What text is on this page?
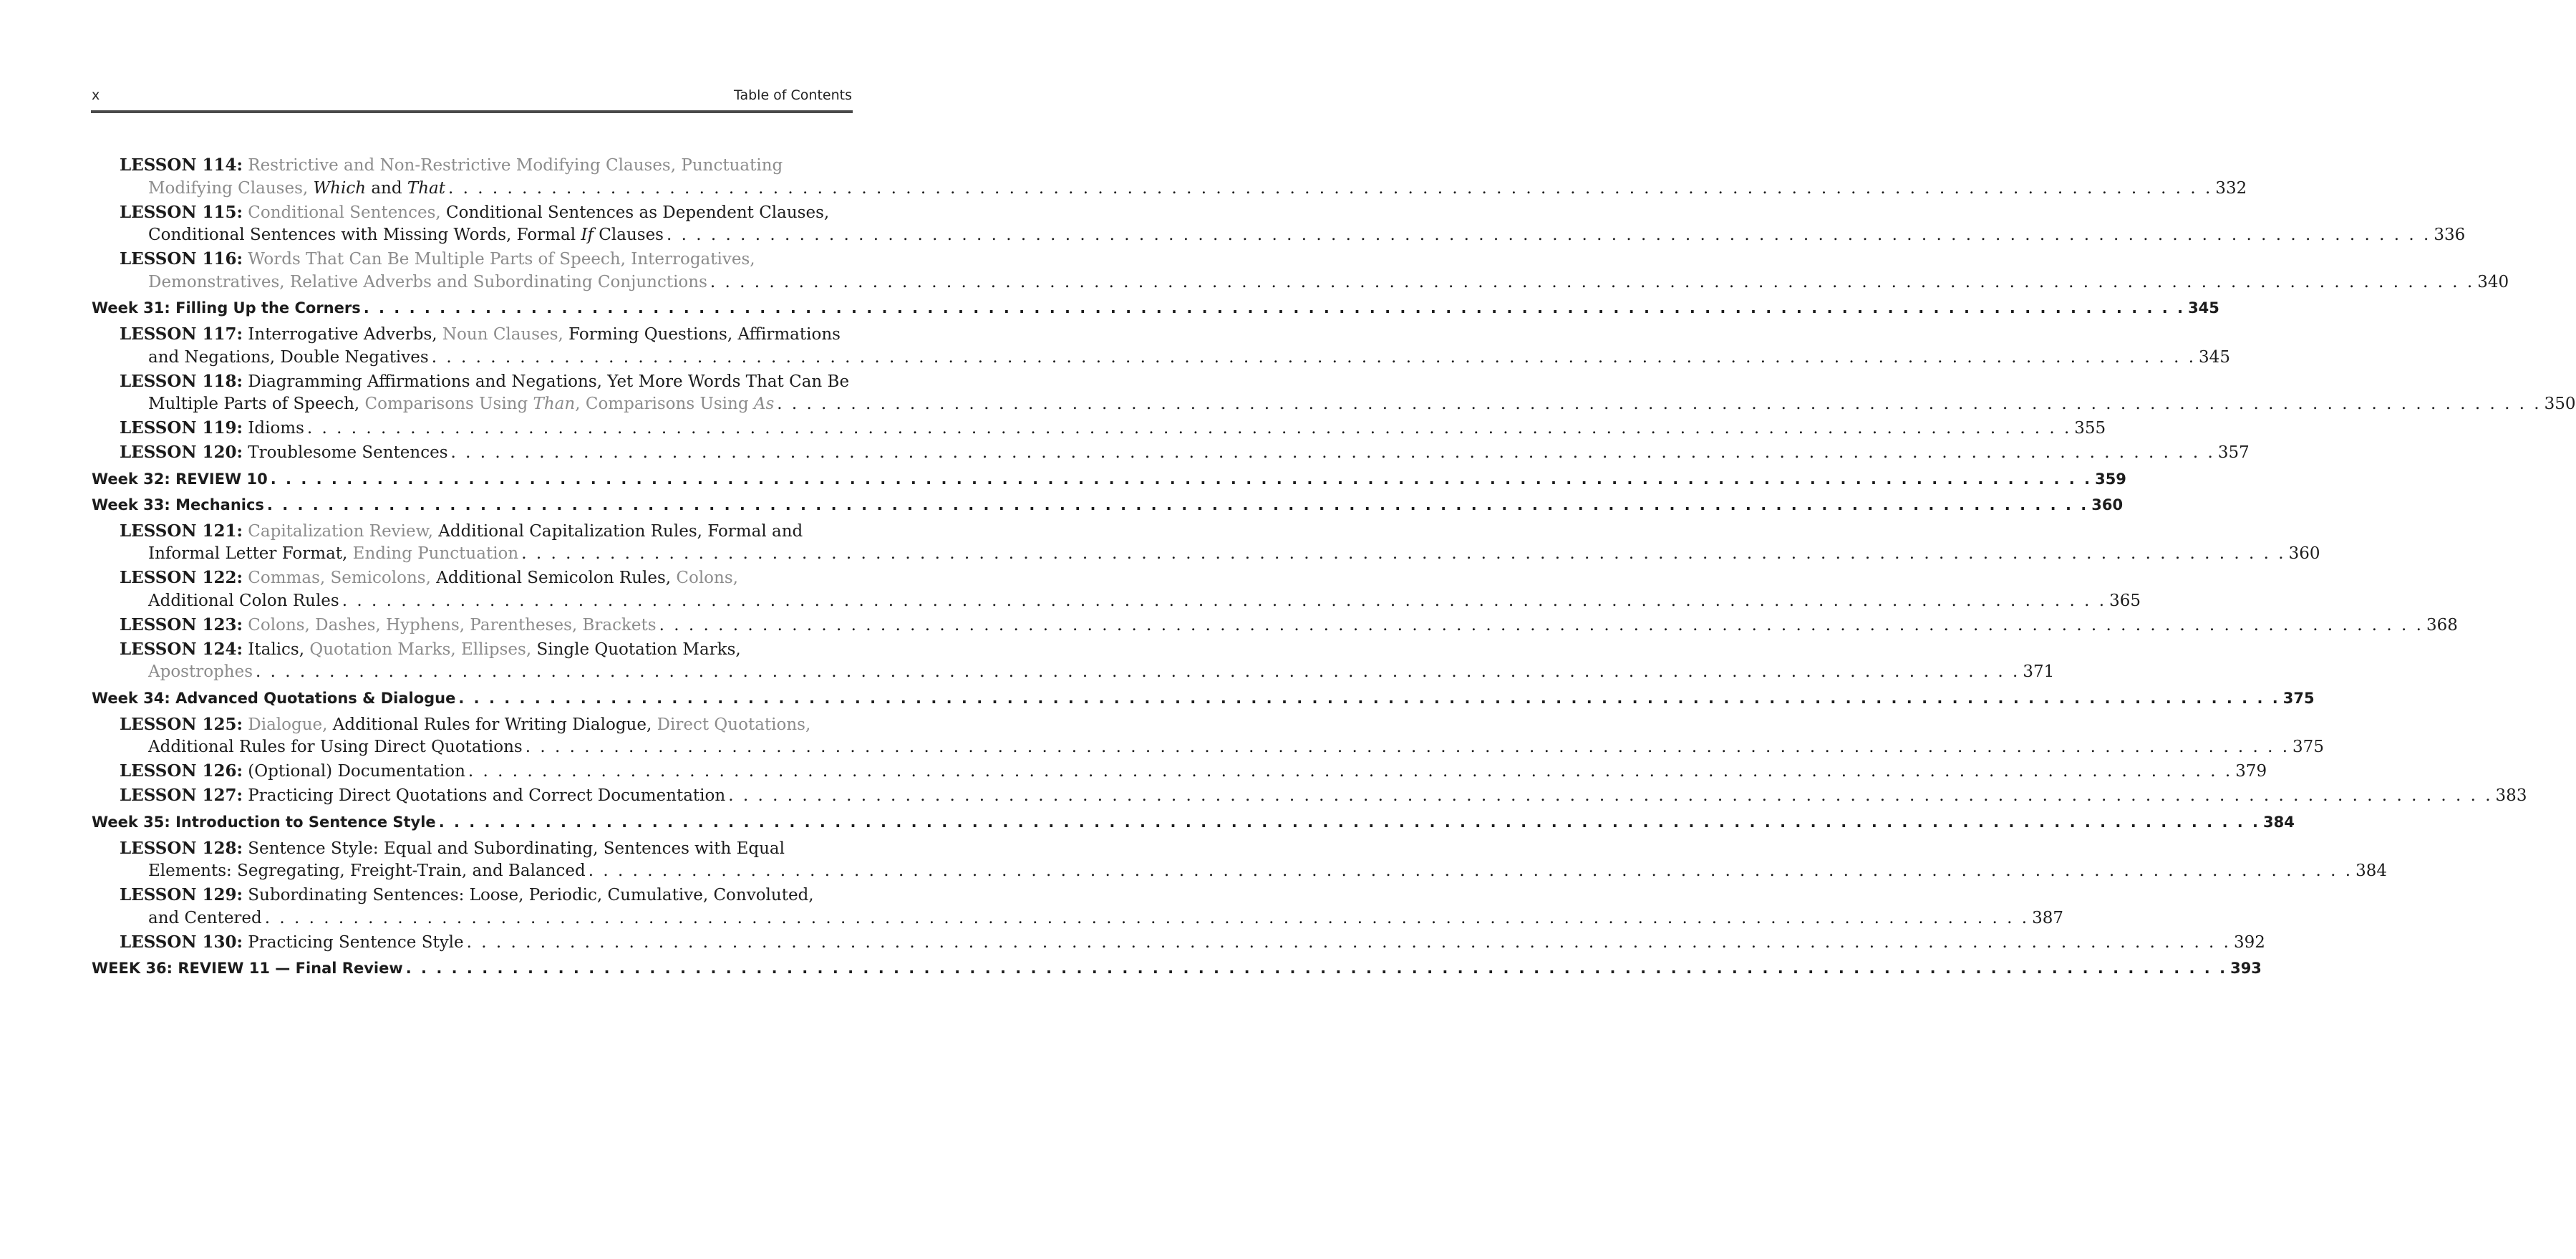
x	Table of Contents
LESSON 114: Restrictive and Non-Restrictive Modifying Clauses, Punctuating
Modifying Clauses, Which and That . . . . . . . . . . . . . . . . . . . . . . . . . . . . . . . . . . . . . . . . . . . . . . . . . . . . . . . . . . . . . . . . . . . . . . . . . . . . . . . . . . . . . . . . . . . . . . . . . . . . . . . . . . . . . . . . . . . . . . . . 332
LESSON 115: Conditional Sentences, Conditional Sentences as Dependent Clauses,
Conditional Sentences with Missing Words, Formal If Clauses . . . . . . . . . . . . . . . . . . . . . . . . . . . . . . . . . . . . . . . . . . . . . . . . . . . . . . . . . . . . . . . . . . . . . . . . . . . . . . . . . . . . . . . . . . . . . . . . . . . . . . . . . . . . . . . . . . . . . . . . 336
LESSON 116: Words That Can Be Multiple Parts of Speech, Interrogatives,
Demonstratives, Relative Adverbs and Subordinating Conjunctions . . . . . . . . . . . . . . . . . . . . . . . . . . . . . . . . . . . . . . . . . . . . . . . . . . . . . . . . . . . . . . . . . . . . . . . . . . . . . . . . . . . . . . . . . . . . . . . . . . . . . . . . . . . . . . . . . . . . . . . . 340
Week 31: Filling Up the Corners . . . . . . . . . . . . . . . . . . . . . . . . . . . . . . . . . . . . . . . . . . . . . . . . . . . . . . . . . . . . . . . . . . . . . . . . . . . . . . . . . . . . . . . . . . . . . . . . . . . . . . . . . . . . . . . . . . . . . . . . 345
LESSON 117: Interrogative Adverbs, Noun Clauses, Forming Questions, Affirmations
and Negations, Double Negatives . . . . . . . . . . . . . . . . . . . . . . . . . . . . . . . . . . . . . . . . . . . . . . . . . . . . . . . . . . . . . . . . . . . . . . . . . . . . . . . . . . . . . . . . . . . . . . . . . . . . . . . . . . . . . . . . . . . . . . . . 345
LESSON 118: Diagramming Affirmations and Negations, Yet More Words That Can Be
Multiple Parts of Speech, Comparisons Using Than, Comparisons Using As . . . . . . . . . . . . . . . . . . . . . . . . . . . . . . . . . . . . . . . . . . . . . . . . . . . . . . . . . . . . . . . . . . . . . . . . . . . . . . . . . . . . . . . . . . . . . . . . . . . . . . . . . . . . . . . . . . . . . . . . 350
LESSON 119: Idioms . . . . . . . . . . . . . . . . . . . . . . . . . . . . . . . . . . . . . . . . . . . . . . . . . . . . . . . . . . . . . . . . . . . . . . . . . . . . . . . . . . . . . . . . . . . . . . . . . . . . . . . . . . . . . . . . . . . . . . . . 355
LESSON 120: Troublesome Sentences . . . . . . . . . . . . . . . . . . . . . . . . . . . . . . . . . . . . . . . . . . . . . . . . . . . . . . . . . . . . . . . . . . . . . . . . . . . . . . . . . . . . . . . . . . . . . . . . . . . . . . . . . . . . . . . . . . . . . . . . 357
Week 32: REVIEW 10 . . . . . . . . . . . . . . . . . . . . . . . . . . . . . . . . . . . . . . . . . . . . . . . . . . . . . . . . . . . . . . . . . . . . . . . . . . . . . . . . . . . . . . . . . . . . . . . . . . . . . . . . . . . . . . . . . . . . . . . . 359
Week 33: Mechanics . . . . . . . . . . . . . . . . . . . . . . . . . . . . . . . . . . . . . . . . . . . . . . . . . . . . . . . . . . . . . . . . . . . . . . . . . . . . . . . . . . . . . . . . . . . . . . . . . . . . . . . . . . . . . . . . . . . . . . . . 360
LESSON 121: Capitalization Review, Additional Capitalization Rules, Formal and
Informal Letter Format, Ending Punctuation . . . . . . . . . . . . . . . . . . . . . . . . . . . . . . . . . . . . . . . . . . . . . . . . . . . . . . . . . . . . . . . . . . . . . . . . . . . . . . . . . . . . . . . . . . . . . . . . . . . . . . . . . . . . . . . . . . . . . . . . 360
LESSON 122: Commas, Semicolons, Additional Semicolon Rules, Colons,
Additional Colon Rules . . . . . . . . . . . . . . . . . . . . . . . . . . . . . . . . . . . . . . . . . . . . . . . . . . . . . . . . . . . . . . . . . . . . . . . . . . . . . . . . . . . . . . . . . . . . . . . . . . . . . . . . . . . . . . . . . . . . . . . . 365
LESSON 123: Colons, Dashes, Hyphens, Parentheses, Brackets . . . . . . . . . . . . . . . . . . . . . . . . . . . . . . . . . . . . . . . . . . . . . . . . . . . . . . . . . . . . . . . . . . . . . . . . . . . . . . . . . . . . . . . . . . . . . . . . . . . . . . . . . . . . . . . . . . . . . . . . 368
LESSON 124: Italics, Quotation Marks, Ellipses, Single Quotation Marks,
Apostrophes . . . . . . . . . . . . . . . . . . . . . . . . . . . . . . . . . . . . . . . . . . . . . . . . . . . . . . . . . . . . . . . . . . . . . . . . . . . . . . . . . . . . . . . . . . . . . . . . . . . . . . . . . . . . . . . . . . . . . . . . 371
Week 34: Advanced Quotations & Dialogue . . . . . . . . . . . . . . . . . . . . . . . . . . . . . . . . . . . . . . . . . . . . . . . . . . . . . . . . . . . . . . . . . . . . . . . . . . . . . . . . . . . . . . . . . . . . . . . . . . . . . . . . . . . . . . . . . . . . . . . . 375
LESSON 125: Dialogue, Additional Rules for Writing Dialogue, Direct Quotations,
Additional Rules for Using Direct Quotations . . . . . . . . . . . . . . . . . . . . . . . . . . . . . . . . . . . . . . . . . . . . . . . . . . . . . . . . . . . . . . . . . . . . . . . . . . . . . . . . . . . . . . . . . . . . . . . . . . . . . . . . . . . . . . . . . . . . . . . . 375
LESSON 126: (Optional) Documentation . . . . . . . . . . . . . . . . . . . . . . . . . . . . . . . . . . . . . . . . . . . . . . . . . . . . . . . . . . . . . . . . . . . . . . . . . . . . . . . . . . . . . . . . . . . . . . . . . . . . . . . . . . . . . . . . . . . . . . . . 379
LESSON 127: Practicing Direct Quotations and Correct Documentation . . . . . . . . . . . . . . . . . . . . . . . . . . . . . . . . . . . . . . . . . . . . . . . . . . . . . . . . . . . . . . . . . . . . . . . . . . . . . . . . . . . . . . . . . . . . . . . . . . . . . . . . . . . . . . . . . . . . . . . . 383
Week 35: Introduction to Sentence Style . . . . . . . . . . . . . . . . . . . . . . . . . . . . . . . . . . . . . . . . . . . . . . . . . . . . . . . . . . . . . . . . . . . . . . . . . . . . . . . . . . . . . . . . . . . . . . . . . . . . . . . . . . . . . . . . . . . . . . . . 384
LESSON 128: Sentence Style: Equal and Subordinating, Sentences with Equal
Elements: Segregating, Freight-Train, and Balanced . . . . . . . . . . . . . . . . . . . . . . . . . . . . . . . . . . . . . . . . . . . . . . . . . . . . . . . . . . . . . . . . . . . . . . . . . . . . . . . . . . . . . . . . . . . . . . . . . . . . . . . . . . . . . . . . . . . . . . . . 384
LESSON 129: Subordinating Sentences: Loose, Periodic, Cumulative, Convoluted,
and Centered . . . . . . . . . . . . . . . . . . . . . . . . . . . . . . . . . . . . . . . . . . . . . . . . . . . . . . . . . . . . . . . . . . . . . . . . . . . . . . . . . . . . . . . . . . . . . . . . . . . . . . . . . . . . . . . . . . . . . . . . 387
LESSON 130: Practicing Sentence Style . . . . . . . . . . . . . . . . . . . . . . . . . . . . . . . . . . . . . . . . . . . . . . . . . . . . . . . . . . . . . . . . . . . . . . . . . . . . . . . . . . . . . . . . . . . . . . . . . . . . . . . . . . . . . . . . . . . . . . . . 392
WEEK 36: REVIEW 11 — Final Review . . . . . . . . . . . . . . . . . . . . . . . . . . . . . . . . . . . . . . . . . . . . . . . . . . . . . . . . . . . . . . . . . . . . . . . . . . . . . . . . . . . . . . . . . . . . . . . . . . . . . . . . . . . . . . . . . . . . . . . . 393
